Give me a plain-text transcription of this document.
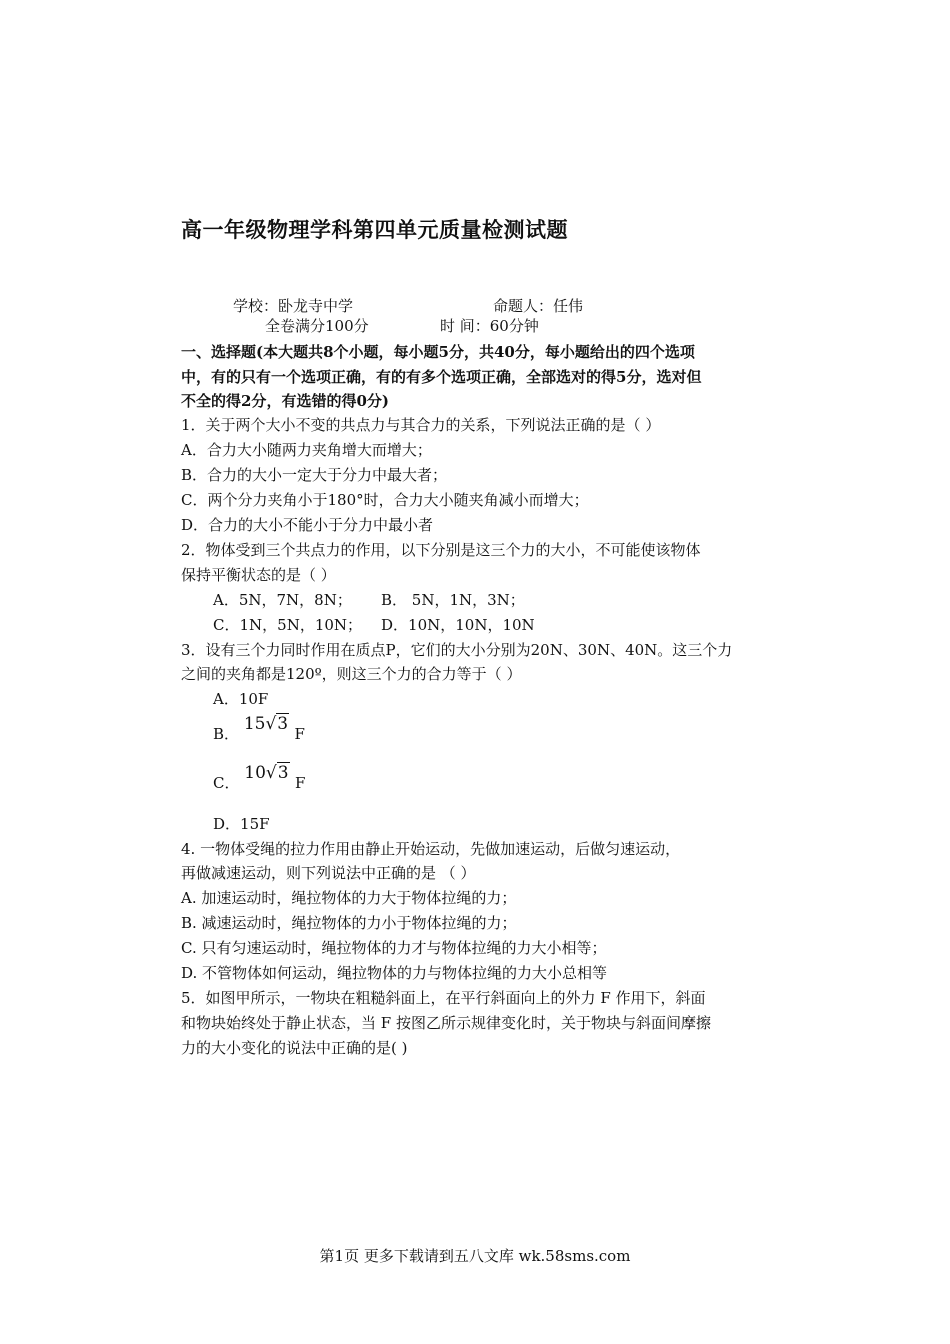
高一年级物理学科第四单元质量检测试题
学校：卧龙寺中学	命题人：任伟
全卷满分100分	时 间：60分钟
一、选择题(本大题共8个小题，每小题5分，共40分，每小题给出的四个选项
中，有的只有一个选项正确，有的有多个选项正确，全部选对的得5分，选对但
不全的得2分，有选错的得0分)
1．关于两个大小不变的共点力与其合力的关系，下列说法正确的是（ ）
A．合力大小随两力夹角增大而增大；
B．合力的大小一定大于分力中最大者；
C．两个分力夹角小于180°时，合力大小随夹角减小而增大；
D．合力的大小不能小于分力中最小者
2．物体受到三个共点力的作用，以下分别是这三个力的大小，不可能使该物体
保持平衡状态的是（ ）
A．5N，7N，8N； B． 5N，1N，3N；
C．1N，5N，10N； D．10N，10N，10N
3．设有三个力同时作用在质点P，它们的大小分别为20N、30N、40N。这三个力
之间的夹角都是120º，则这三个力的合力等于（ ）
A．10F
B． 15√3 F
C． 10√3 F
D．15F
4. 一物体受绳的拉力作用由静止开始运动，先做加速运动，后做匀速运动，
再做减速运动，则下列说法中正确的是 （ ）
A. 加速运动时，绳拉物体的力大于物体拉绳的力；
B. 减速运动时，绳拉物体的力小于物体拉绳的力；
C. 只有匀速运动时，绳拉物体的力才与物体拉绳的力大小相等；
D. 不管物体如何运动，绳拉物体的力与物体拉绳的力大小总相等
5．如图甲所示，一物块在粗糙斜面上，在平行斜面向上的外力 F 作用下，斜面
和物块始终处于静止状态，当 F 按图乙所示规律变化时，关于物块与斜面间摩擦
力的大小变化的说法中正确的是( )
第1页 更多下载请到五八文库 wk.58sms.com
